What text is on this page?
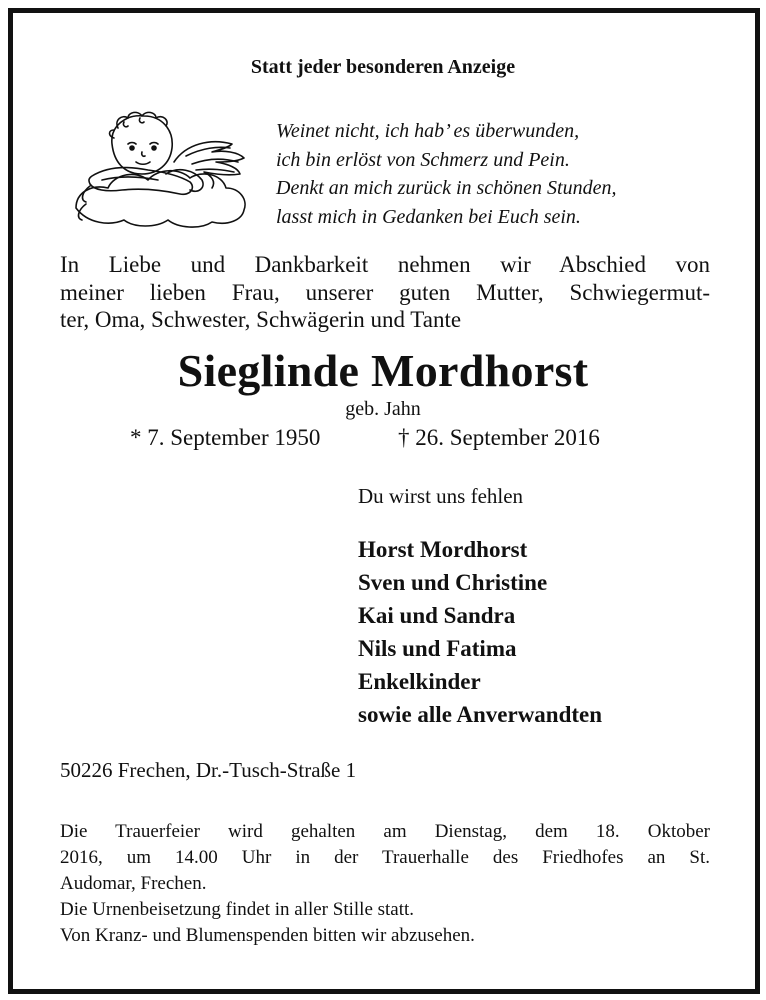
Statt jeder besonderen Anzeige

Weinet nicht, ich hab’ es überwunden,
ich bin erlöst von Schmerz und Pein.
Denkt an mich zurück in schönen Stunden,
lasst mich in Gedanken bei Euch sein.
In Liebe und Dankbarkeit nehmen wir Abschied von
meiner lieben Frau, unserer guten Mutter, Schwiegermut-
ter, Oma, Schwester, Schwägerin und Tante

Sieglinde Mordhorst

geb. Jahn

* 7. September 1950	† 26. September 2016

Du wirst uns fehlen

Horst Mordhorst
Sven und Christine
Kai und Sandra
Nils und Fatima
Enkelkinder
sowie alle Anverwandten

50226 Frechen, Dr.-Tusch-Straße 1

Die Trauerfeier wird gehalten am Dienstag, dem 18. Oktober
2016, um 14.00 Uhr in der Trauerhalle des Friedhofes an St.
Audomar, Frechen.
Die Urnenbeisetzung findet in aller Stille statt.
Von Kranz- und Blumenspenden bitten wir abzusehen.
